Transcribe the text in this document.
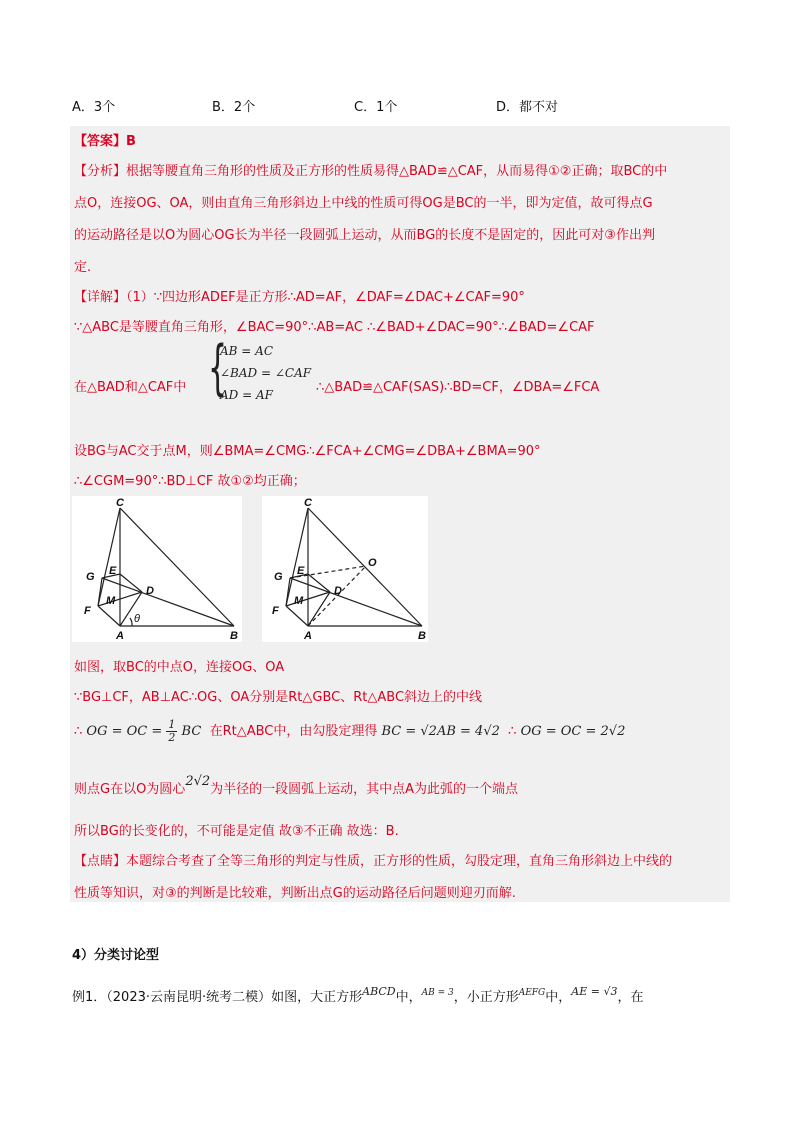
A．3个	B．2个	C．1个	D．都不对
【答案】B
【分析】根据等腰直角三角形的性质及正方形的性质易得△BAD≌△CAF，从而易得①②正确；取BC的中
点O，连接OG、OA，则由直角三角形斜边上中线的性质可得OG是BC的一半，即为定值，故可得点G
的运动路径是以O为圆心OG长为半径一段圆弧上运动，从而BG的长度不是固定的，因此可对③作出判
定.
【详解】（1）∵四边形ADEF是正方形∴AD=AF，∠DAF=∠DAC+∠CAF=90°
∵△ABC是等腰直角三角形，∠BAC=90°∴AB=AC ∴∠BAD+∠DAC=90°∴∠BAD=∠CAF
在△BAD和△CAF中 {
AB = AC
∠BAD = ∠CAF
AD = AF	∴△BAD≌△CAF(SAS)∴BD=CF，∠DBA=∠FCA
设BG与AC交于点M，则∠BMA=∠CMG∴∠FCA+∠CMG=∠DBA+∠BMA=90°
∴∠CGM=90°∴BD⊥CF 故①②均正确；
C
E
G
D
M
F
A	B
θ
C
E
G
D
M
F
A	B
O
如图，取BC的中点O，连接OG、OA
∵BG⊥CF，AB⊥AC∴OG、OA分别是Rt△GBC、Rt△ABC斜边上的中线
∴ OG = OC = $\frac{1}{2}$ BC 在Rt△ABC中，由勾股定理得 BC = √2AB = 4√2 ∴ OG = OC = 2√2
则点G在以O为圆心2√2为半径的一段圆弧上运动，其中点A为此弧的一个端点
所以BG的长变化的，不可能是定值 故③不正确 故选：B.
【点睛】本题综合考查了全等三角形的判定与性质，正方形的性质，勾股定理，直角三角形斜边上中线的
性质等知识，对③的判断是比较难，判断出点G的运动路径后问题则迎刃而解.
4）分类讨论型
例1．（2023·云南昆明·统考二模）如图，大正方形$^{ABCD}$中，$^{AB = 3}$，小正方形$^{AEFG}$中，$^{AE = √3}$，在
